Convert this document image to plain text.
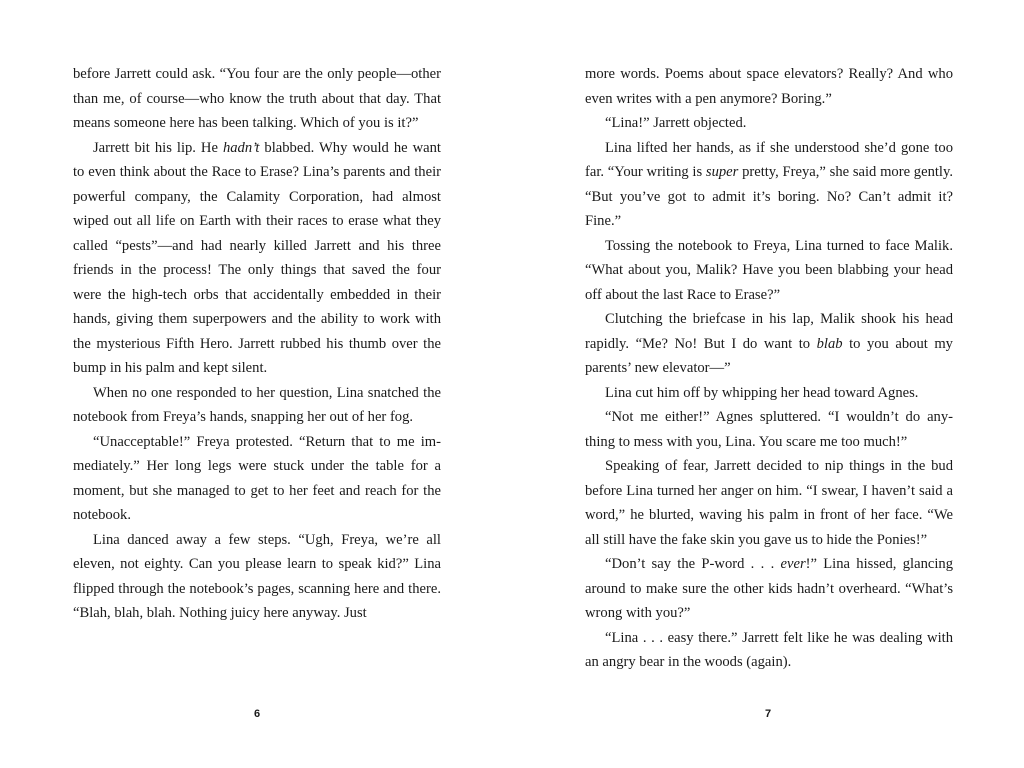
before Jarrett could ask. “You four are the only people—other than me, of course—who know the truth about that day. That means someone here has been talking. Which of you is it?”

Jarrett bit his lip. He hadn’t blabbed. Why would he want to even think about the Race to Erase? Lina’s parents and their powerful company, the Calamity Corporation, had almost wiped out all life on Earth with their races to erase what they called “pests”—and had nearly killed Jarrett and his three friends in the process! The only things that saved the four were the high-tech orbs that accidentally embedded in their hands, giving them superpowers and the ability to work with the mysterious Fifth Hero. Jarrett rubbed his thumb over the bump in his palm and kept silent.

When no one responded to her question, Lina snatched the notebook from Freya’s hands, snapping her out of her fog.

“Unacceptable!” Freya protested. “Return that to me im-mediately.” Her long legs were stuck under the table for a moment, but she managed to get to her feet and reach for the notebook.

Lina danced away a few steps. “Ugh, Freya, we’re all eleven, not eighty. Can you please learn to speak kid?” Lina flipped through the notebook’s pages, scanning here and there. “Blah, blah, blah. Nothing juicy here anyway. Just

6

more words. Poems about space elevators? Really? And who even writes with a pen anymore? Boring.”

“Lina!” Jarrett objected.

Lina lifted her hands, as if she understood she’d gone too far. “Your writing is super pretty, Freya,” she said more gently. “But you’ve got to admit it’s boring. No? Can’t admit it? Fine.”

Tossing the notebook to Freya, Lina turned to face Malik. “What about you, Malik? Have you been blabbing your head off about the last Race to Erase?”

Clutching the briefcase in his lap, Malik shook his head rapidly. “Me? No! But I do want to blab to you about my parents’ new elevator—”

Lina cut him off by whipping her head toward Agnes.

“Not me either!” Agnes spluttered. “I wouldn’t do any-thing to mess with you, Lina. You scare me too much!”

Speaking of fear, Jarrett decided to nip things in the bud before Lina turned her anger on him. “I swear, I haven’t said a word,” he blurted, waving his palm in front of her face. “We all still have the fake skin you gave us to hide the Ponies!”

“Don’t say the P-word . . . ever!” Lina hissed, glancing around to make sure the other kids hadn’t overheard. “What’s wrong with you?”

“Lina . . . easy there.” Jarrett felt like he was dealing with an angry bear in the woods (again).

7
